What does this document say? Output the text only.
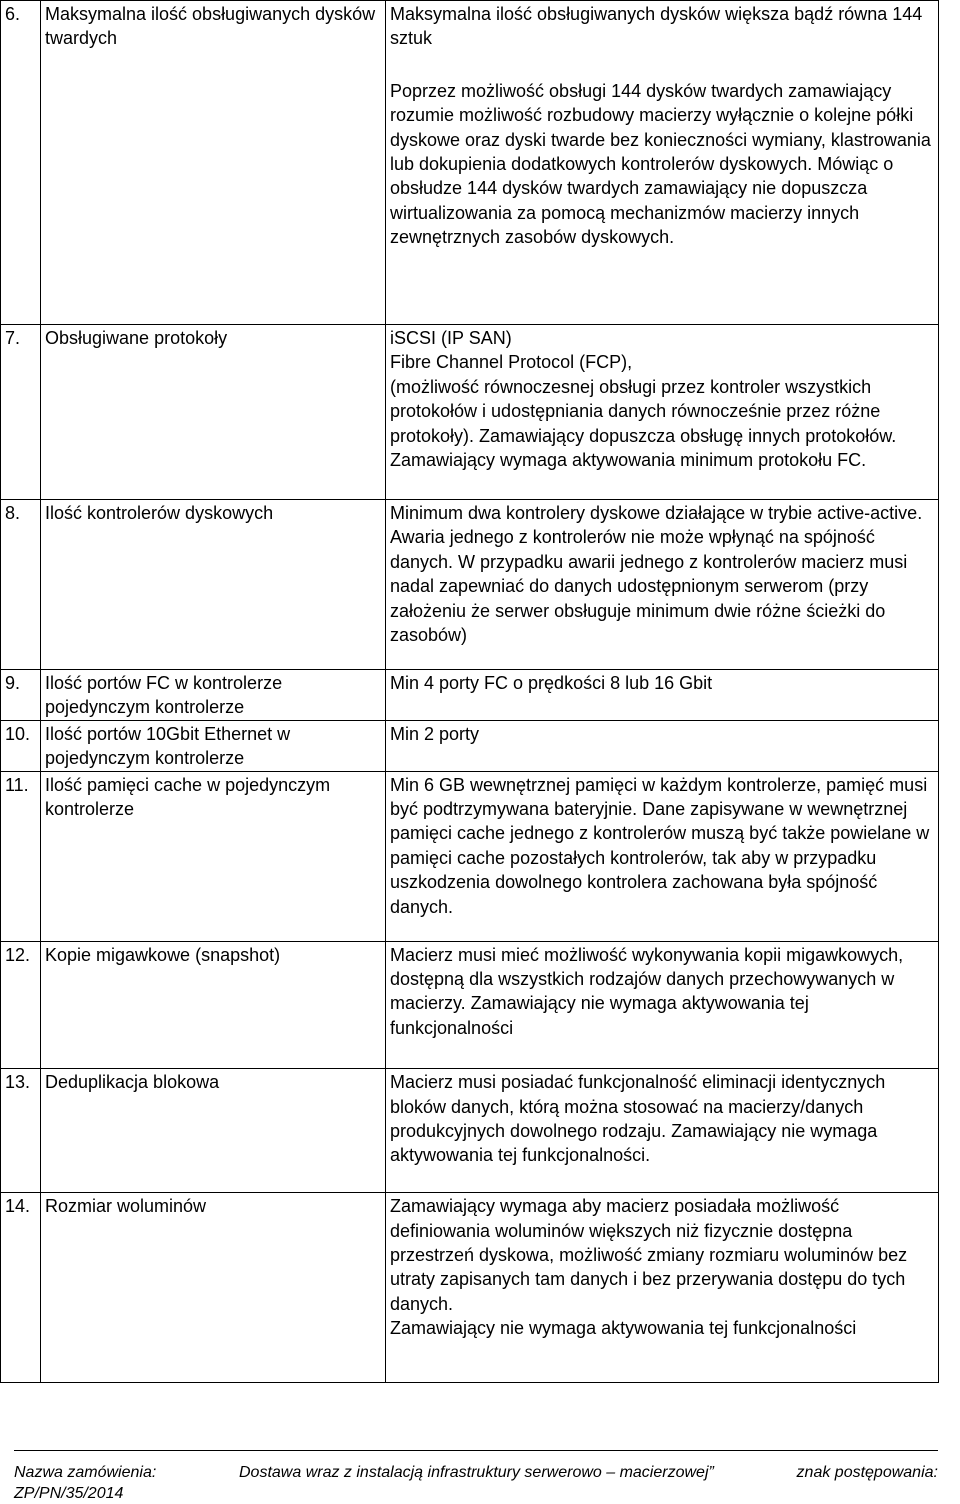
6.	Maksymalna ilość obsługiwanych dysków twardych	Maksymalna ilość obsługiwanych dysków większa bądź równa 144 sztuk
Poprzez możliwość obsługi 144 dysków twardych zamawiający rozumie możliwość rozbudowy macierzy wyłącznie o kolejne półki dyskowe oraz dyski twarde bez konieczności wymiany, klastrowania lub dokupienia dodatkowych kontrolerów dyskowych. Mówiąc o obsłudze 144 dysków twardych zamawiający nie dopuszcza wirtualizowania za pomocą mechanizmów macierzy innych zewnętrznych zasobów dyskowych.

7.	Obsługiwane protokoły	iSCSI (IP SAN)
Fibre Channel Protocol (FCP),
(możliwość równoczesnej obsługi przez kontroler wszystkich protokołów i udostępniania danych równocześnie przez różne protokoły). Zamawiający dopuszcza obsługę innych protokołów. Zamawiający wymaga aktywowania minimum protokołu FC.

8.	Ilość kontrolerów dyskowych	Minimum dwa kontrolery dyskowe działające w trybie active-active. Awaria jednego z kontrolerów nie może wpłynąć na spójność danych. W przypadku awarii jednego z kontrolerów macierz musi nadal zapewniać do danych udostępnionym serwerom (przy założeniu że serwer obsługuje minimum dwie różne ścieżki do zasobów)

9.	Ilość portów FC w kontrolerze pojedynczym kontrolerze	Min 4 porty FC o prędkości 8 lub 16 Gbit

10.	Ilość portów 10Gbit Ethernet w pojedynczym kontrolerze	Min 2 porty

11.	Ilość pamięci cache w pojedynczym kontrolerze	Min 6 GB wewnętrznej pamięci w każdym kontrolerze, pamięć musi być podtrzymywana bateryjnie. Dane zapisywane w wewnętrznej pamięci cache jednego z kontrolerów muszą być także powielane w pamięci cache pozostałych kontrolerów, tak aby w przypadku uszkodzenia dowolnego kontrolera zachowana była spójność danych.

12.	Kopie migawkowe (snapshot)	Macierz musi mieć możliwość wykonywania kopii migawkowych, dostępną dla wszystkich rodzajów danych przechowywanych w macierzy. Zamawiający nie wymaga aktywowania tej funkcjonalności

13.	Deduplikacja blokowa	Macierz musi posiadać funkcjonalność eliminacji identycznych bloków danych, którą można stosować na macierzy/danych produkcyjnych dowolnego rodzaju. Zamawiający nie wymaga aktywowania tej funkcjonalności.

14.	Rozmiar woluminów	Zamawiający wymaga aby macierz posiadała możliwość definiowania woluminów większych niż fizycznie dostępna przestrzeń dyskowa, możliwość zmiany rozmiaru woluminów bez utraty zapisanych tam danych i bez przerywania dostępu do tych danych.
Zamawiający nie wymaga aktywowania tej funkcjonalności
Nazwa zamówienia:	Dostawa wraz z instalacją infrastruktury serwerowo – macierzowej”	znak postępowania:
ZP/PN/35/2014
